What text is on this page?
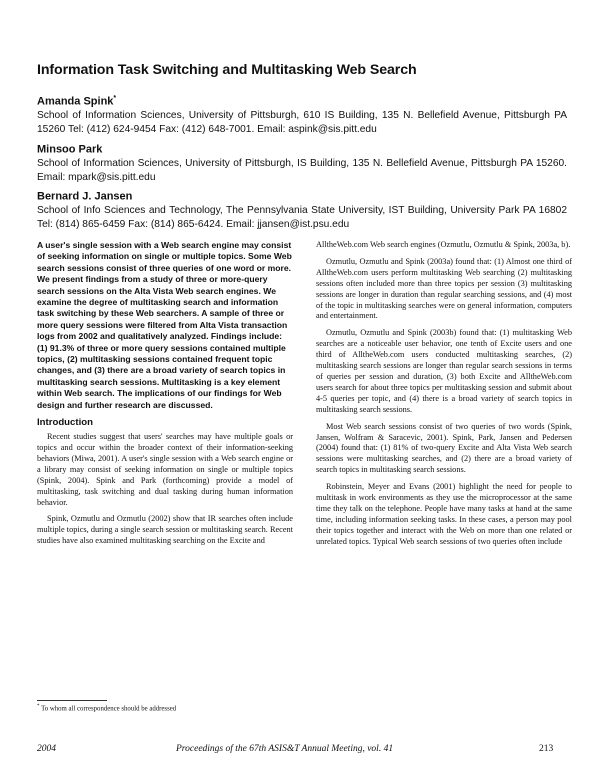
Information Task Switching and Multitasking Web Search
Amanda Spink*
School of Information Sciences, University of Pittsburgh, 610 IS Building, 135 N. Bellefield Avenue, Pittsburgh PA 15260 Tel: (412) 624-9454 Fax: (412) 648-7001. Email: aspink@sis.pitt.edu
Minsoo Park
School of Information Sciences, University of Pittsburgh, IS Building, 135 N. Bellefield Avenue, Pittsburgh PA 15260. Email: mpark@sis.pitt.edu
Bernard J. Jansen
School of Info Sciences and Technology, The Pennsylvania State University, IST Building, University Park PA 16802 Tel: (814) 865-6459 Fax: (814) 865-6424. Email: jjansen@ist.psu.edu

A user's single session with a Web search engine may consist of seeking information on single or multiple topics. Some Web search sessions consist of three queries of one word or more. We present findings from a study of three or more-query search sessions on the Alta Vista Web search engines. We examine the degree of multitasking search and information task switching by these Web searchers. A sample of three or more query sessions were filtered from Alta Vista transaction logs from 2002 and qualitatively analyzed. Findings include: (1) 91.3% of three or more query sessions contained multiple topics, (2) multitasking sessions contained frequent topic changes, and (3) there are a broad variety of search topics in multitasking search sessions. Multitasking is a key element within Web search. The implications of our findings for Web design and further research are discussed.

Introduction

Recent studies suggest that users' searches may have multiple goals or topics and occur within the broader context of their information-seeking behaviors (Miwa, 2001). A user's single session with a Web search engine or a library may consist of seeking information on single or multiple topics (Spink, 2004). Spink and Park (forthcoming) provide a model of multitasking, task switching and dual tasking during human information behavior.

Spink, Ozmutlu and Ozmutlu (2002) show that IR searches often include multiple topics, during a single search session or multitasking search. Recent studies have also examined multitasking searching on the Excite and

AlltheWeb.com Web search engines (Ozmutlu, Ozmutlu & Spink, 2003a, b).

Ozmutlu, Ozmutlu and Spink (2003a) found that: (1) Almost one third of AlltheWeb.com users perform multitasking Web searching (2) multitasking sessions often included more than three topics per session (3) multitasking sessions are longer in duration than regular searching sessions, and (4) most of the topic in multitasking searches were on general information, computers and entertainment.

Ozmutlu, Ozmutlu and Spink (2003b) found that: (1) multitasking Web searches are a noticeable user behavior, one tenth of Excite users and one third of AlltheWeb.com users conducted multitasking searches, (2) multitasking search sessions are longer than regular search sessions in terms of queries per session and duration, (3) both Excite and AlltheWeb.com users search for about three topics per multitasking session and submit about 4-5 queries per topic, and (4) there is a broad variety of search topics in multitasking search sessions.

Most Web search sessions consist of two queries of two words (Spink, Jansen, Wolfram & Saracevic, 2001). Spink, Park, Jansen and Pedersen (2004) found that: (1) 81% of two-query Excite and Alta Vista Web search sessions were multitasking searches, and (2) there are a broad variety of search topics in multitasking search sessions.

Robinstein, Meyer and Evans (2001) highlight the need for people to multitask in work environments as they use the microprocessor at the same time they talk on the telephone. People have many tasks at hand at the same time, including information seeking tasks. In these cases, a person may pool their topics together and interact with the Web on more than one related or unrelated topics. Typical Web search sessions of two queries often include

* To whom all correspondence should be addressed
2004	Proceedings of the 67th ASIS&T Annual Meeting, vol. 41	213
